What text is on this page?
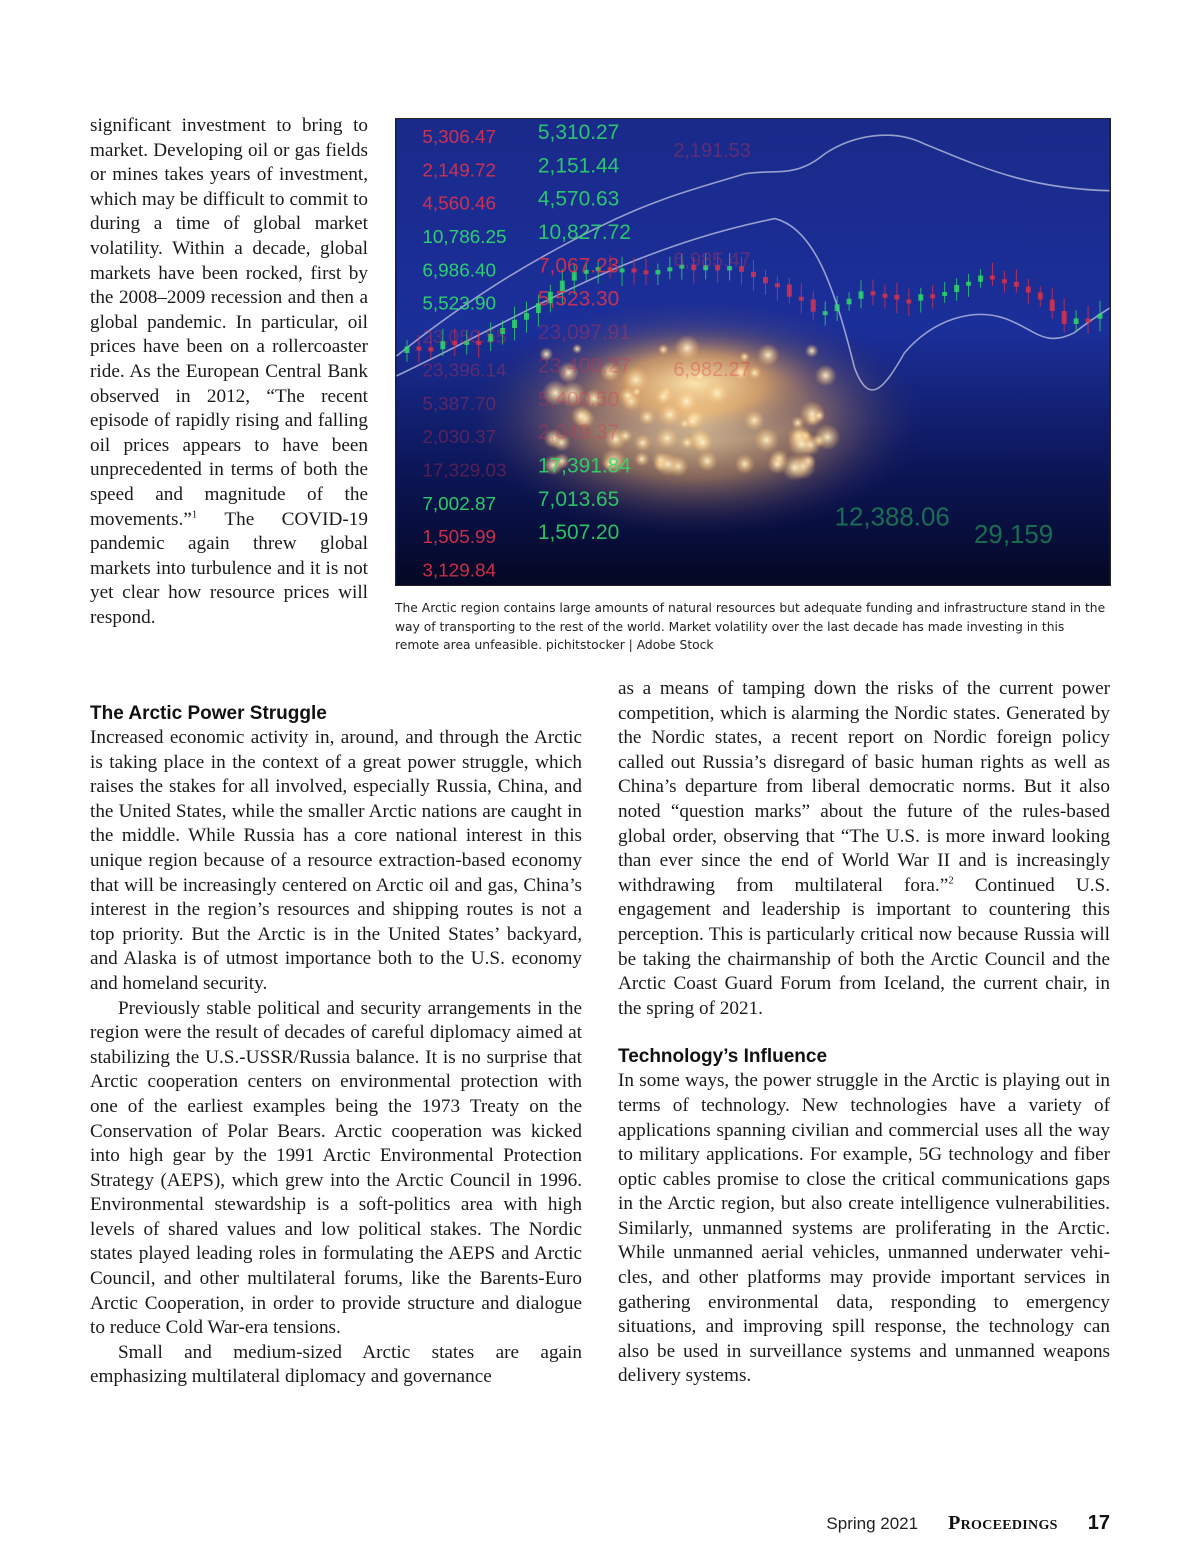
significant investment to bring to market. Developing oil or gas fields or mines takes years of investment, which may be difficult to commit to during a time of global market volatility. Within a decade, global markets have been rocked, first by the 2008–2009 recession and then a global pandemic. In particular, oil prices have been on a rollercoaster ride. As the European Central Bank observed in 2012, “The recent episode of rapidly rising and falling oil prices appears to have been unprecedented in terms of both the speed and magnitude of the movements.”$^1$ The COVID-19 pandemic again threw global markets into turbulence and it is not yet clear how resource prices will respond.

5,306.47
2,149.72
4,560.46
10,786.25
6,986.40
5,523.90
23,050.55
23,396.14
5,387.70
2,030.37
17,329.03
7,002.87
1,505.99
3,129.84
5,310.27
2,151.44
4,570.63
10,827.72
7,067.23
5,523.30
23,097.91
23,400.27
5,400.50
2,049.37
17,391.84
7,013.65
1,507.20
2,191.53
6,985.47
6,982.27
12,388.06
29,159
The Arctic region contains large amounts of natural resources but adequate funding and infrastructure stand in the way of transporting to the rest of the world. Market volatility over the last decade has made investing in this remote area unfeasible. pichitstocker | Adobe Stock
The Arctic Power Struggle

Increased economic activity in, around, and through the Arctic is taking place in the context of a great power struggle, which raises the stakes for all involved, especially Russia, China, and the United States, while the smaller Arctic nations are caught in the middle. While Russia has a core national interest in this unique region because of a resource extraction-based economy that will be increasingly centered on Arctic oil and gas, China’s interest in the region’s resources and shipping routes is not a top priority. But the Arctic is in the United States’ backyard, and Alaska is of utmost importance both to the U.S. economy and homeland security.

Previously stable political and security arrangements in the region were the result of decades of careful diplomacy aimed at stabilizing the U.S.-USSR/Russia balance. It is no surprise that Arctic cooperation centers on environmental protection with one of the earliest examples being the 1973 Treaty on the Conservation of Polar Bears. Arctic cooperation was kicked into high gear by the 1991 Arctic Environmental Protection Strategy (AEPS), which grew into the Arctic Council in 1996. Environmental stewardship is a soft-politics area with high levels of shared values and low political stakes. The Nordic states played leading roles in formulating the AEPS and Arctic Council, and other multilateral forums, like the Barents-Euro Arctic Cooperation, in order to provide structure and dialogue to reduce Cold War-era tensions.

Small and medium-sized Arctic states are again emphasizing multilateral diplomacy and governance

as a means of tamping down the risks of the current power competition, which is alarming the Nordic states. Generated by the Nordic states, a recent report on Nordic foreign policy called out Russia’s disregard of basic human rights as well as China’s departure from liberal democratic norms. But it also noted “question marks” about the future of the rules-based global order, observing that “The U.S. is more inward looking than ever since the end of World War II and is increasingly withdrawing from multilateral fora.”$^2$ Continued U.S. engagement and leadership is important to countering this perception. This is particularly critical now because Russia will be taking the chairmanship of both the Arctic Council and the Arctic Coast Guard Forum from Iceland, the current chair, in the spring of 2021.

Technology’s Influence

In some ways, the power struggle in the Arctic is playing out in terms of technology. New technologies have a variety of applications spanning civilian and commercial uses all the way to military applications. For example, 5G technology and fiber optic cables promise to close the critical communications gaps in the Arctic region, but also create intelligence vulnerabilities. Similarly, unmanned systems are proliferating in the Arctic. While unmanned aerial vehicles, unmanned underwater vehicles, and other platforms may provide important services in gathering environmental data, responding to emergency situations, and improving spill response, the technology can also be used in surveillance systems and unmanned weapons delivery systems.

Spring 2021 Proceedings 17
